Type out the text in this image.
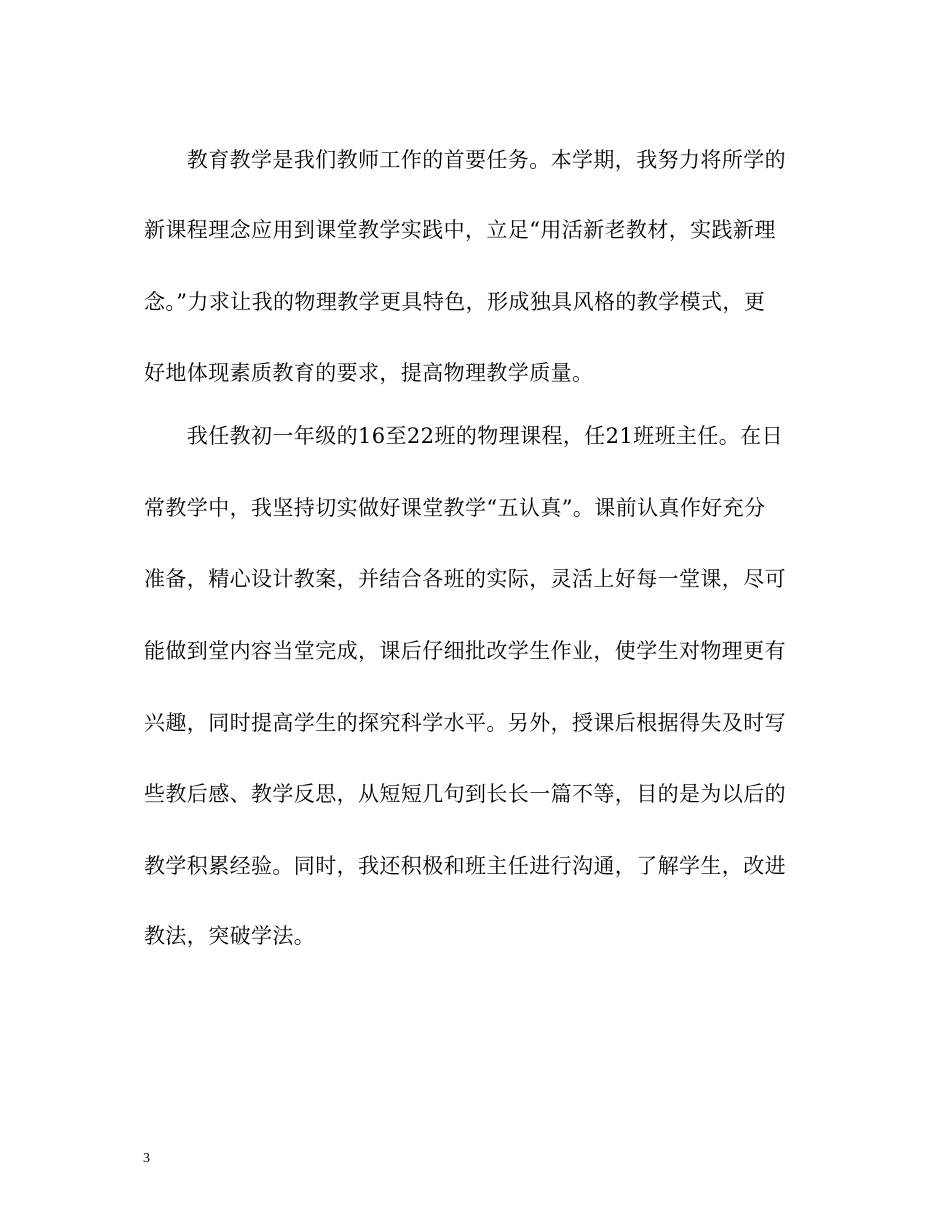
　　教育教学是我们教师工作的首要任务。本学期，我努力将所学的
新课程理念应用到课堂教学实践中，立足“用活新老教材，实践新理
念。”力求让我的物理教学更具特色，形成独具风格的教学模式，更
好地体现素质教育的要求，提高物理教学质量。
　　我任教初一年级的16至22班的物理课程，任21班班主任。在日
常教学中，我坚持切实做好课堂教学“五认真”。课前认真作好充分
准备，精心设计教案，并结合各班的实际，灵活上好每一堂课，尽可
能做到堂内容当堂完成，课后仔细批改学生作业，使学生对物理更有
兴趣，同时提高学生的探究科学水平。另外，授课后根据得失及时写
些教后感、教学反思，从短短几句到长长一篇不等，目的是为以后的
教学积累经验。同时，我还积极和班主任进行沟通，了解学生，改进
教法，突破学法。
3
